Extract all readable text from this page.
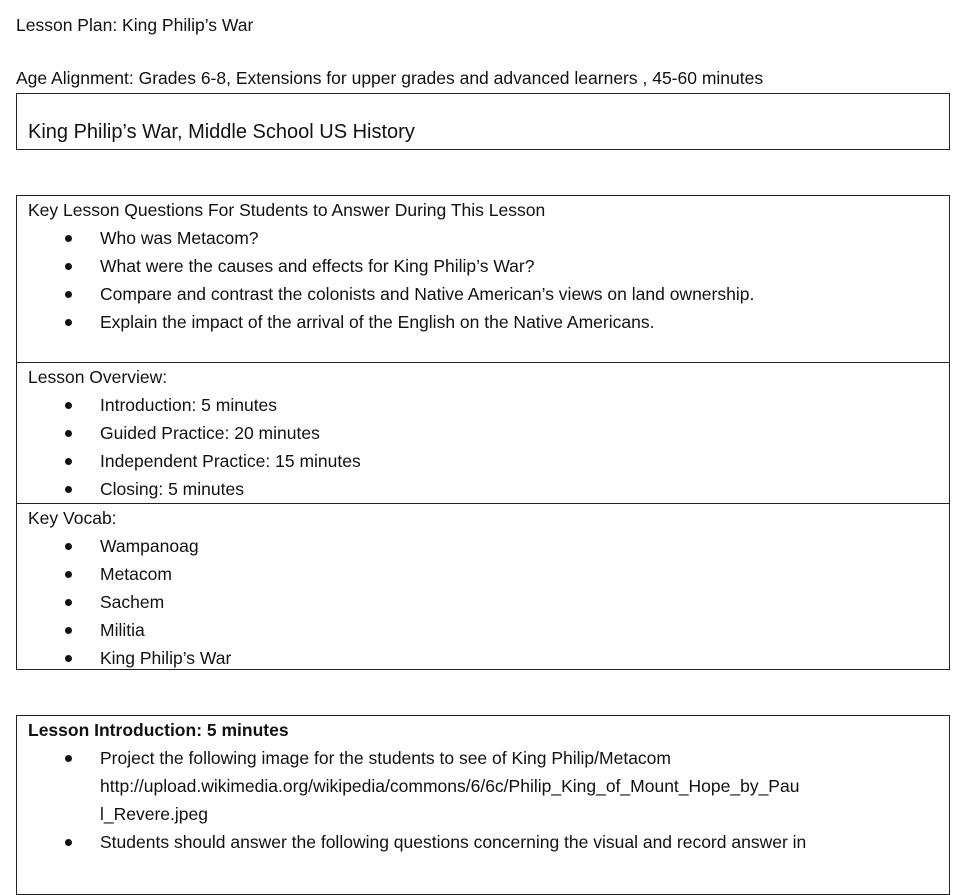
Lesson Plan: King Philip’s War
Age Alignment: Grades 6-8, Extensions for upper grades and advanced learners , 45-60 minutes
King Philip’s War, Middle School US History
Key Lesson Questions For Students to Answer During This Lesson
Who was Metacom?
What were the causes and effects for King Philip’s War?
Compare and contrast the colonists and Native American’s views on land ownership.
Explain the impact of the arrival of the English on the Native Americans.
Lesson Overview:
Introduction: 5 minutes
Guided Practice: 20 minutes
Independent Practice: 15 minutes
Closing: 5 minutes
Key Vocab:
Wampanoag
Metacom
Sachem
Militia
King Philip’s War
Lesson Introduction: 5 minutes
Project the following image for the students to see of King Philip/Metacom
http://upload.wikimedia.org/wikipedia/commons/6/6c/Philip_King_of_Mount_Hope_by_Pau
l_Revere.jpeg
Students should answer the following questions concerning the visual and record answer in
